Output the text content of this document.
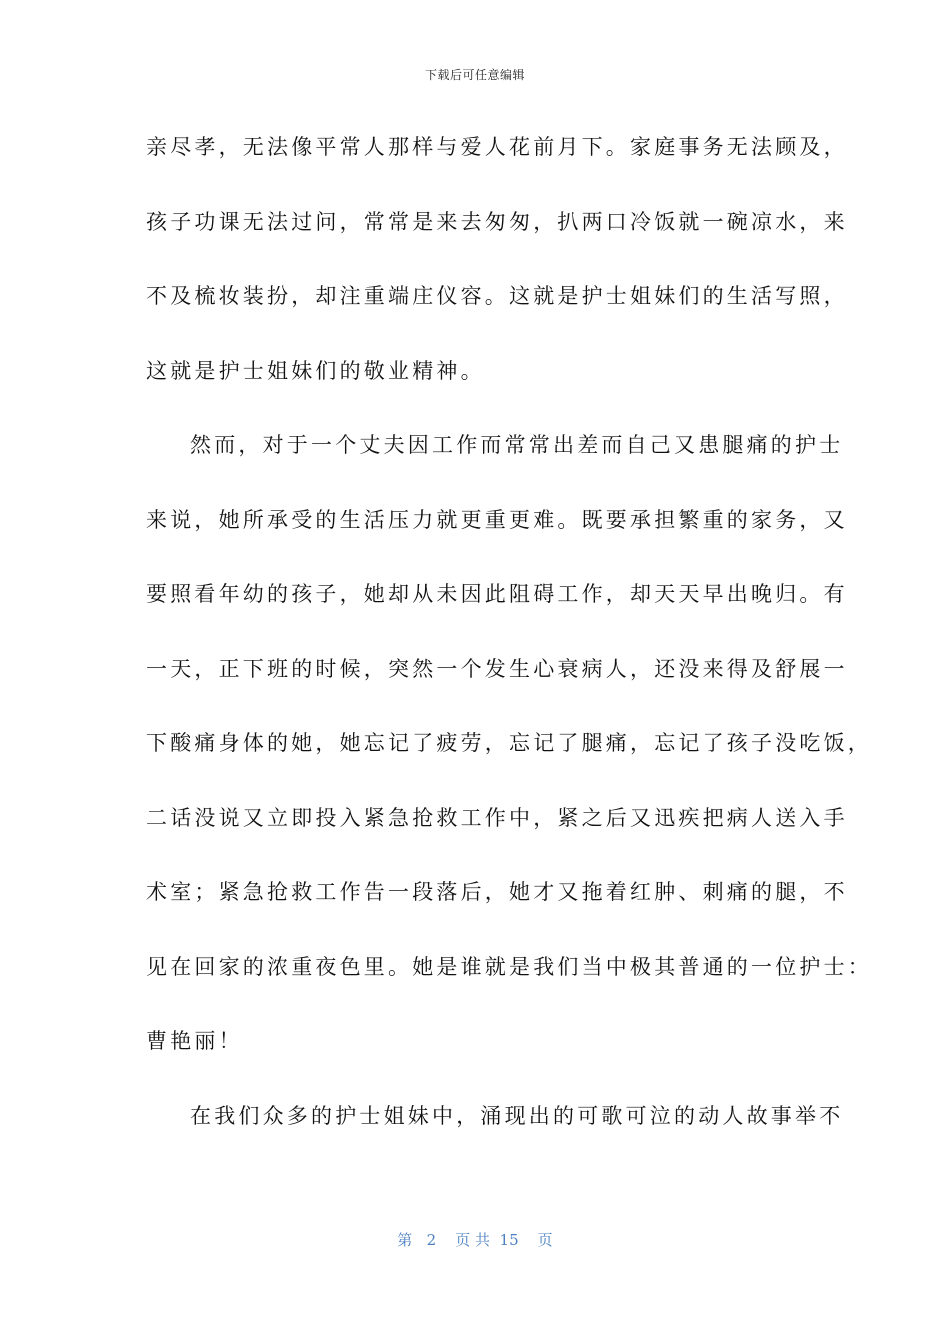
下载后可任意编辑
亲尽孝，无法像平常人那样与爱人花前月下。家庭事务无法顾及，
孩子功课无法过问，常常是来去匆匆，扒两口冷饭就一碗凉水，来
不及梳妆装扮，却注重端庄仪容。这就是护士姐妹们的生活写照，
这就是护士姐妹们的敬业精神。
然而，对于一个丈夫因工作而常常出差而自己又患腿痛的护士
来说，她所承受的生活压力就更重更难。既要承担繁重的家务，又
要照看年幼的孩子，她却从未因此阻碍工作，却天天早出晚归。有
一天，正下班的时候，突然一个发生心衰病人，还没来得及舒展一
下酸痛身体的她，她忘记了疲劳，忘记了腿痛，忘记了孩子没吃饭，
二话没说又立即投入紧急抢救工作中，紧之后又迅疾把病人送入手
术室；紧急抢救工作告一段落后，她才又拖着红肿、刺痛的腿，不
见在回家的浓重夜色里。她是谁就是我们当中极其普通的一位护士：
曹艳丽！
在我们众多的护士姐妹中，涌现出的可歌可泣的动人故事举不
第   2    页 共  15    页
